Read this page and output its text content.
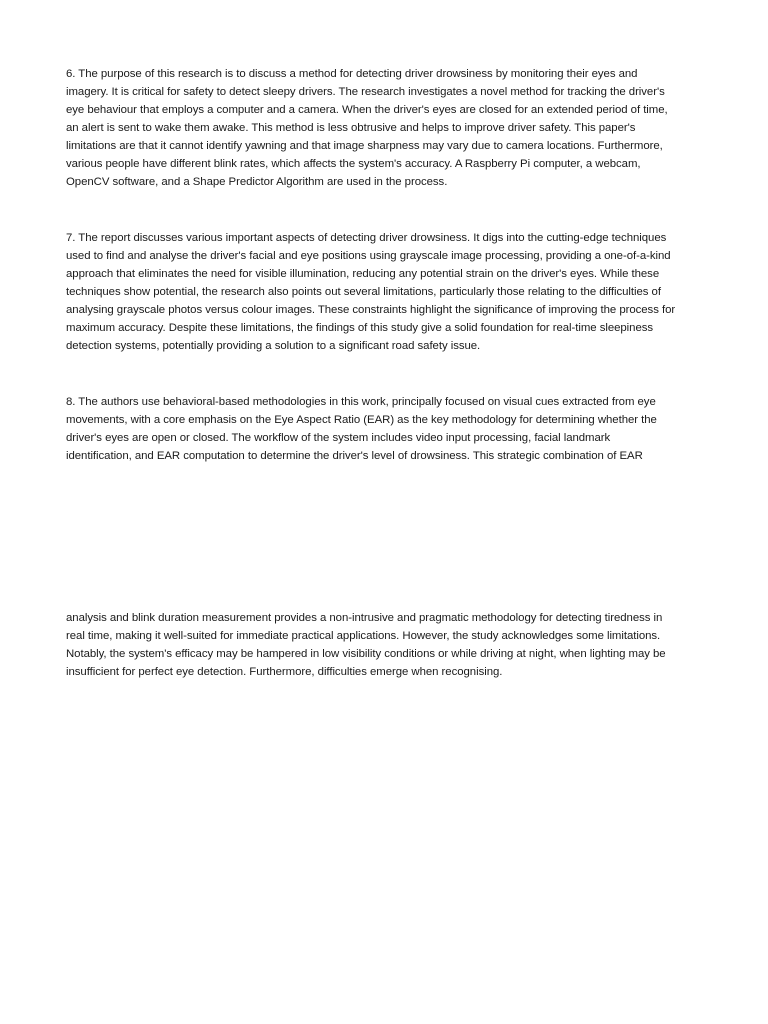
6. The purpose of this research is to discuss a method for detecting driver drowsiness by monitoring their eyes and
imagery. It is critical for safety to detect sleepy drivers. The research investigates a novel method for tracking the driver's
eye behaviour that employs a computer and a camera. When the driver's eyes are closed for an extended period of time,
an alert is sent to wake them awake. This method is less obtrusive and helps to improve driver safety. This paper's
limitations are that it cannot identify yawning and that image sharpness may vary due to camera locations. Furthermore,
various people have different blink rates, which affects the system's accuracy. A Raspberry Pi computer, a webcam,
OpenCV software, and a Shape Predictor Algorithm are used in the process.

7. The report discusses various important aspects of detecting driver drowsiness. It digs into the cutting-edge techniques
used to find and analyse the driver's facial and eye positions using grayscale image processing, providing a one-of-a-kind
approach that eliminates the need for visible illumination, reducing any potential strain on the driver's eyes. While these
techniques show potential, the research also points out several limitations, particularly those relating to the difficulties of
analysing grayscale photos versus colour images. These constraints highlight the significance of improving the process for
maximum accuracy. Despite these limitations, the findings of this study give a solid foundation for real-time sleepiness
detection systems, potentially providing a solution to a significant road safety issue.

8. The authors use behavioral-based methodologies in this work, principally focused on visual cues extracted from eye
movements, with a core emphasis on the Eye Aspect Ratio (EAR) as the key methodology for determining whether the
driver's eyes are open or closed. The workflow of the system includes video input processing, facial landmark
identification, and EAR computation to determine the driver's level of drowsiness. This strategic combination of EAR

analysis and blink duration measurement provides a non-intrusive and pragmatic methodology for detecting tiredness in
real time, making it well-suited for immediate practical applications. However, the study acknowledges some limitations.
Notably, the system's efficacy may be hampered in low visibility conditions or while driving at night, when lighting may be
insufficient for perfect eye detection. Furthermore, difficulties emerge when recognising.
